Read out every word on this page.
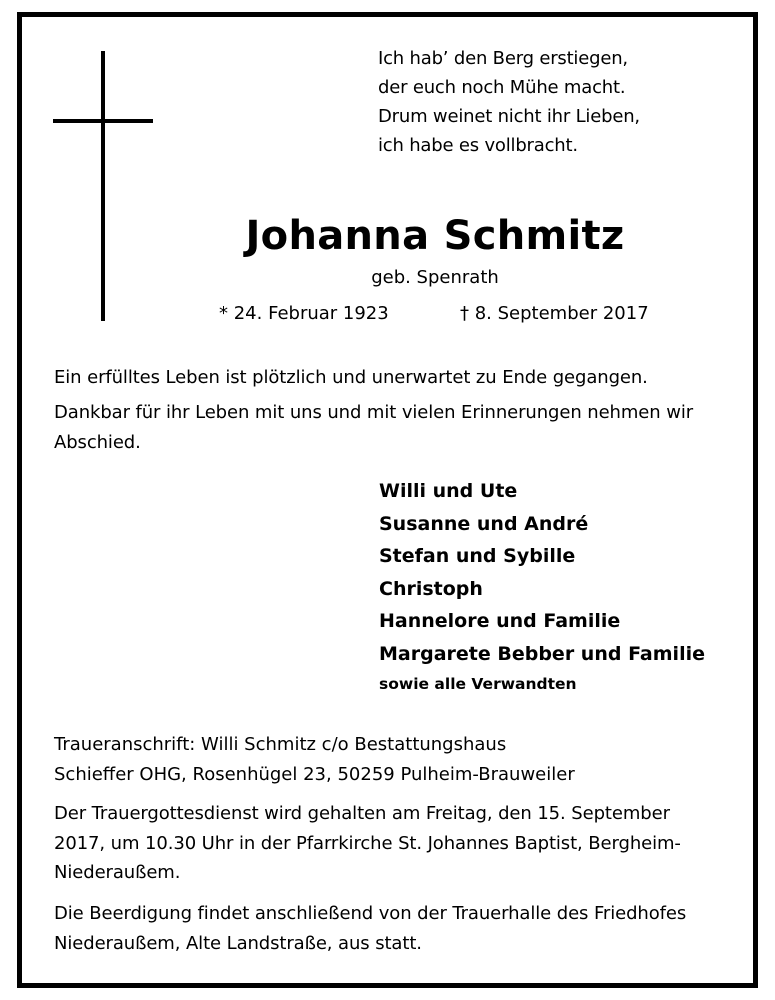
Ich hab’ den Berg erstiegen,
der euch noch Mühe macht.
Drum weinet nicht ihr Lieben,
ich habe es vollbracht.
Johanna Schmitz
geb. Spenrath
* 24. Februar 1923	† 8. September 2017
Ein erfülltes Leben ist plötzlich und unerwartet zu Ende gegangen.
Dankbar für ihr Leben mit uns und mit vielen Erinnerungen nehmen wir Abschied.
Willi und Ute
Susanne und André
Stefan und Sybille
Christoph
Hannelore und Familie
Margarete Bebber und Familie
sowie alle Verwandten
Traueranschrift: Willi Schmitz c/o Bestattungshaus
Schieffer OHG, Rosenhügel 23, 50259 Pulheim-Brauweiler
Der Trauergottesdienst wird gehalten am Freitag, den 15. September 2017, um 10.30 Uhr in der Pfarrkirche St. Johannes Baptist, Bergheim-Niederaußem.
Die Beerdigung findet anschließend von der Trauerhalle des Friedhofes Niederaußem, Alte Landstraße, aus statt.
